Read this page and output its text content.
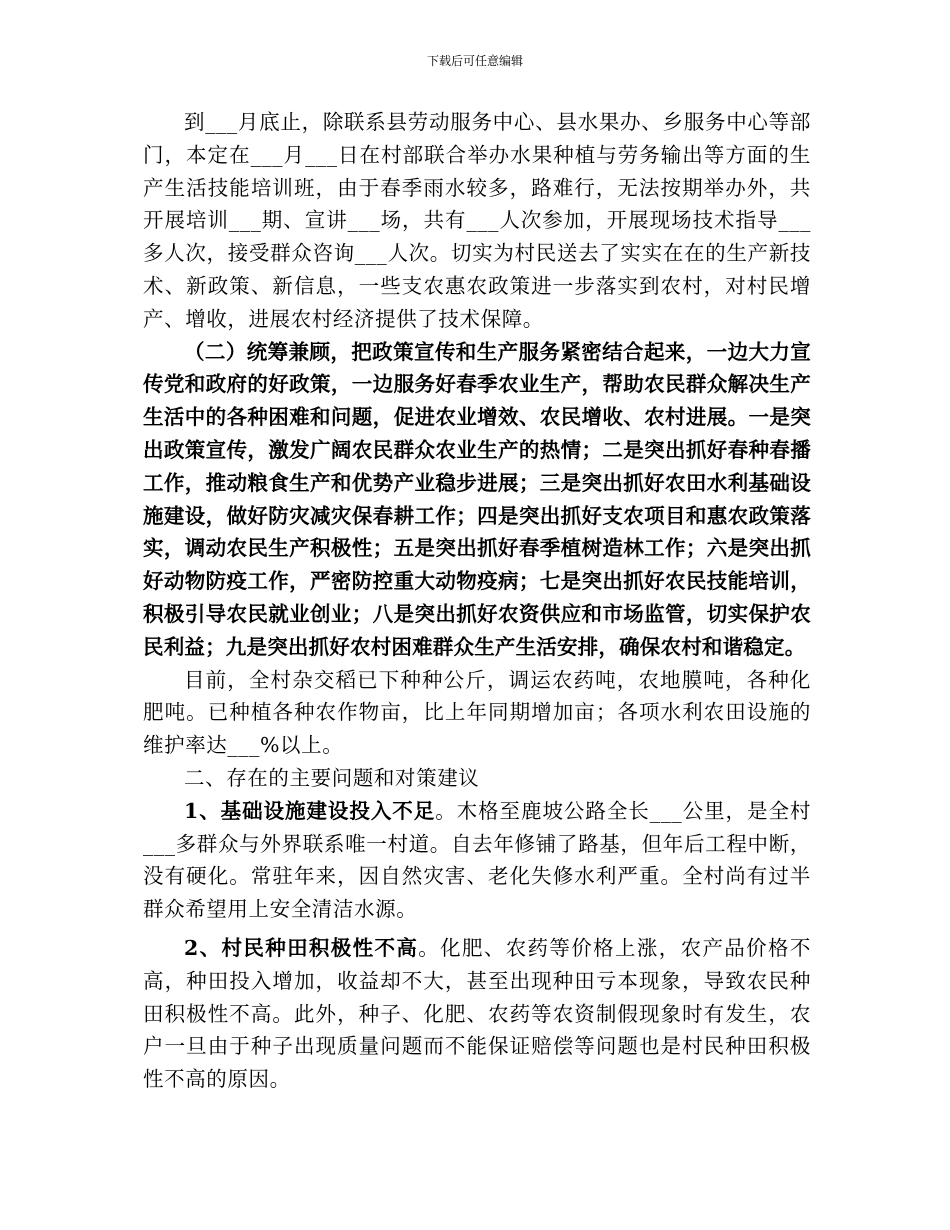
下载后可任意编辑

到___月底止，除联系县劳动服务中心、县水果办、乡服务中心等部门，本定在___月___日在村部联合举办水果种植与劳务输出等方面的生产生活技能培训班，由于春季雨水较多，路难行，无法按期举办外，共开展培训___期、宣讲___场，共有___人次参加，开展现场技术指导___多人次，接受群众咨询___人次。切实为村民送去了实实在在的生产新技术、新政策、新信息，一些支农惠农政策进一步落实到农村，对村民增产、增收，进展农村经济提供了技术保障。

（二）统筹兼顾，把政策宣传和生产服务紧密结合起来，一边大力宣传党和政府的好政策，一边服务好春季农业生产，帮助农民群众解决生产生活中的各种困难和问题，促进农业增效、农民增收、农村进展。一是突出政策宣传，激发广阔农民群众农业生产的热情；二是突出抓好春种春播工作，推动粮食生产和优势产业稳步进展；三是突出抓好农田水利基础设施建设，做好防灾减灾保春耕工作；四是突出抓好支农项目和惠农政策落实，调动农民生产积极性；五是突出抓好春季植树造林工作；六是突出抓好动物防疫工作，严密防控重大动物疫病；七是突出抓好农民技能培训，积极引导农民就业创业；八是突出抓好农资供应和市场监管，切实保护农民利益；九是突出抓好农村困难群众生产生活安排，确保农村和谐稳定。

目前，全村杂交稻已下种种公斤，调运农药吨，农地膜吨，各种化肥吨。已种植各种农作物亩，比上年同期增加亩；各项水利农田设施的维护率达___%以上。

二、存在的主要问题和对策建议

1、基础设施建设投入不足。木格至鹿坡公路全长___公里，是全村___多群众与外界联系唯一村道。自去年修铺了路基，但年后工程中断，没有硬化。常驻年来，因自然灾害、老化失修水利严重。全村尚有过半群众希望用上安全清洁水源。

2、村民种田积极性不高。化肥、农药等价格上涨，农产品价格不高，种田投入增加，收益却不大，甚至出现种田亏本现象，导致农民种田积极性不高。此外，种子、化肥、农药等农资制假现象时有发生，农户一旦由于种子出现质量问题而不能保证赔偿等问题也是村民种田积极性不高的原因。
